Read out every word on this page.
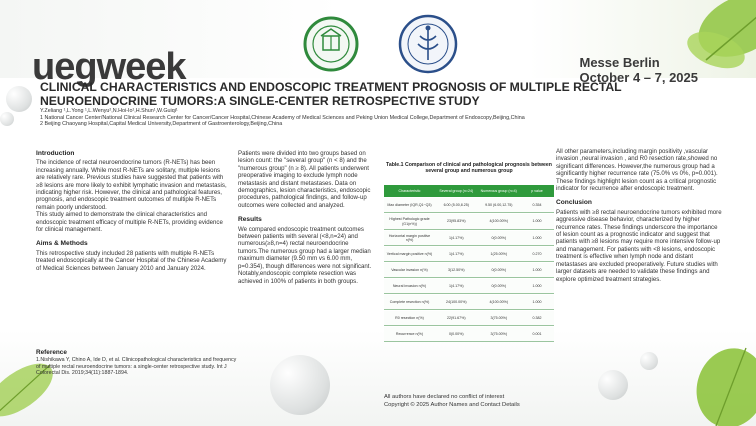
uegweek	Messe Berlin
October 4 – 7, 2025
CLINICAL CHARACTERISTICS AND ENDOSCOPIC TREATMENT PROGNOSIS OF MULTIPLE RECTAL NEUROENDOCRINE TUMORS:A SINGLE-CENTER RETROSPECTIVE STUDY
Y.Zeliang ¹,L.Yong ¹,L.Wenyu²,N.Hoi-Io¹,H.Shun¹,W.Guiqi¹
1 National Cancer Center/National Clinical Research Center for Cancer/Cancer Hospital,Chinese Academy of Medical Sciences and Peking Union Medical College,Department of Endoscopy,Beijing,China
2 Beijing Chaoyang Hospital,Capital Medical University,Department of Gastroenterology,Beijing,China
Introduction

The incidence of rectal neuroendocrine tumors (R-NETs) has been increasing annually. While most R-NETs are solitary, multiple lesions are relatively rare. Previous studies have suggested that patients with ≥8 lesions are more likely to exhibit lymphatic invasion and metastasis, indicating higher risk. However, the clinical and pathological features, prognosis, and endoscopic treatment outcomes of multiple R-NETs remain poorly understood.

This study aimed to demonstrate the clinical characteristics and endoscopic treatment efficacy of multiple R-NETs, providing evidence for clinical management.

Aims & Methods

This retrospective study included 28 patients with multiple R-NETs treated endoscopically at the Cancer Hospital of the Chinese Academy of Medical Sciences between January 2010 and January 2024.

Patients were divided into two groups based on lesion count: the "several group" (n < 8) and the "numerous group" (n ≥ 8). All patients underwent preoperative imaging to exclude lymph node metastasis and distant metastases. Data on demographics, lesion characteristics, endoscopic procedures, pathological findings, and follow-up outcomes were collected and analyzed.

Results

We compared endoscopic treatment outcomes between patients with several (<8,n=24) and numerous(≥8,n=4) rectal neuroendocrine tumors.The numerous group had a larger median maximum diameter (9.50 mm vs 6.00 mm, p=0.354), though differences were not significant.

Notably,endoscopic complete resection was achieved in 100% of patients in both groups.

Table.1 Comparison of clinical and pathological prognosis between several group and numerous group
Characteristic	Several group (n=24)	Numerous group (n=4)	p value
Max diameter (IQR,Q1~Q3)	6.00 (5.00,8.25)	9.50 (6.00,12.75)	0.354
Highest Pathologic grade (G1(n%))	23(95.83%)	4(100.00%)	1.000
Horizontal margin positive n(%)	1(4.17%)	0(0.00%)	1.000
Vertical margin positive n(%)	1(4.17%)	1(25.00%)	0.270
Vascular invasion n(%)	3(12.50%)	0(0.00%)	1.000
Neural invasion n(%)	1(4.17%)	0(0.00%)	1.000
Complete resection n(%)	24(100.00%)	4(100.00%)	1.000
R0 resection n(%)	22(91.67%)	3(75.00%)	0.382
Recurrence n(%)	0(0.00%)	3(75.00%)	0.001

All other parameters,including margin positivity ,vascular invasion ,neural invasion , and R0 resection rate,showed no significant differences. However,the numerous group had a significantly higher recurrence rate (75.0% vs 0%, p=0.001). These findings highlight lesion count as a critical prognostic indicator for recurrence after endoscopic treatment.

Conclusion

Patients with ≥8 rectal neuroendocrine tumors exhibited more aggressive disease behavior, characterized by higher recurrence rates. These findings underscore the importance of lesion count as a prognostic indicator and suggest that patients with ≥8 lesions may require more intensive follow-up and management. For patients with <8 lesions, endoscopic treatment is effective when lymph node and distant metastases are excluded preoperatively. Future studies with larger datasets are needed to validate these findings and explore optimized treatment strategies.

Reference
1.Nishikawa Y, Chino A, Ide D, et al. Clinicopathological characteristics and frequency of multiple rectal neuroendocrine tumors: a single-center retrospective study. Int J Colorectal Dis. 2019;34(11):1887-1894.
All authors have declared no conflict of interest
Copyright © 2025 Author Names and Contact Details
